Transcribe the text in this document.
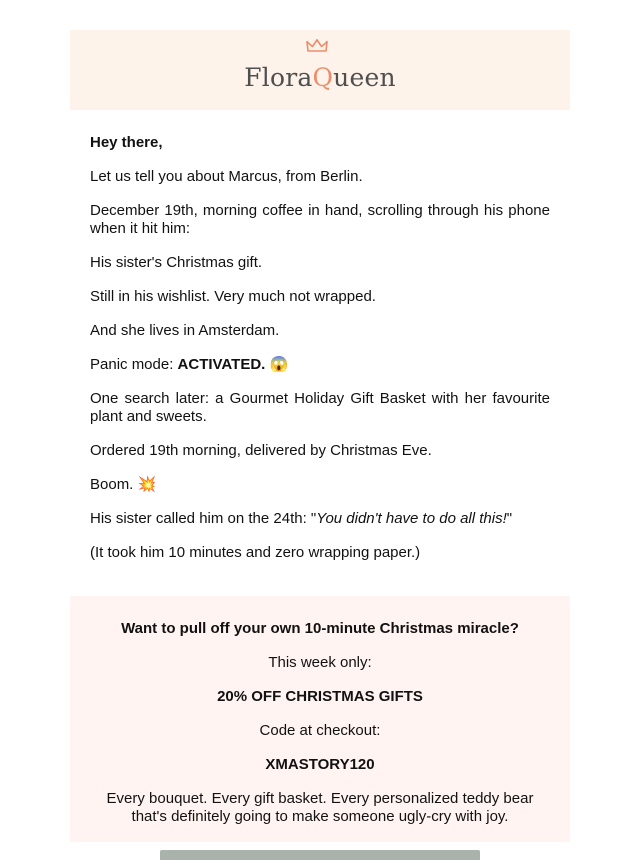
FloraQueen

Hey there,

Let us tell you about Marcus, from Berlin.

December 19th, morning coffee in hand, scrolling through his phone when it hit him:

His sister's Christmas gift.

Still in his wishlist. Very much not wrapped.

And she lives in Amsterdam.

Panic mode: ACTIVATED. 😱

One search later: a Gourmet Holiday Gift Basket with her favourite plant and sweets.

Ordered 19th morning, delivered by Christmas Eve.

Boom. 💥

His sister called him on the 24th: "You didn't have to do all this!"

(It took him 10 minutes and zero wrapping paper.)

Want to pull off your own 10-minute Christmas miracle?

This week only:

20% OFF CHRISTMAS GIFTS

Code at checkout:

XMASTORY120

Every bouquet. Every gift basket. Every personalized teddy bear that's definitely going to make someone ugly-cry with joy.
